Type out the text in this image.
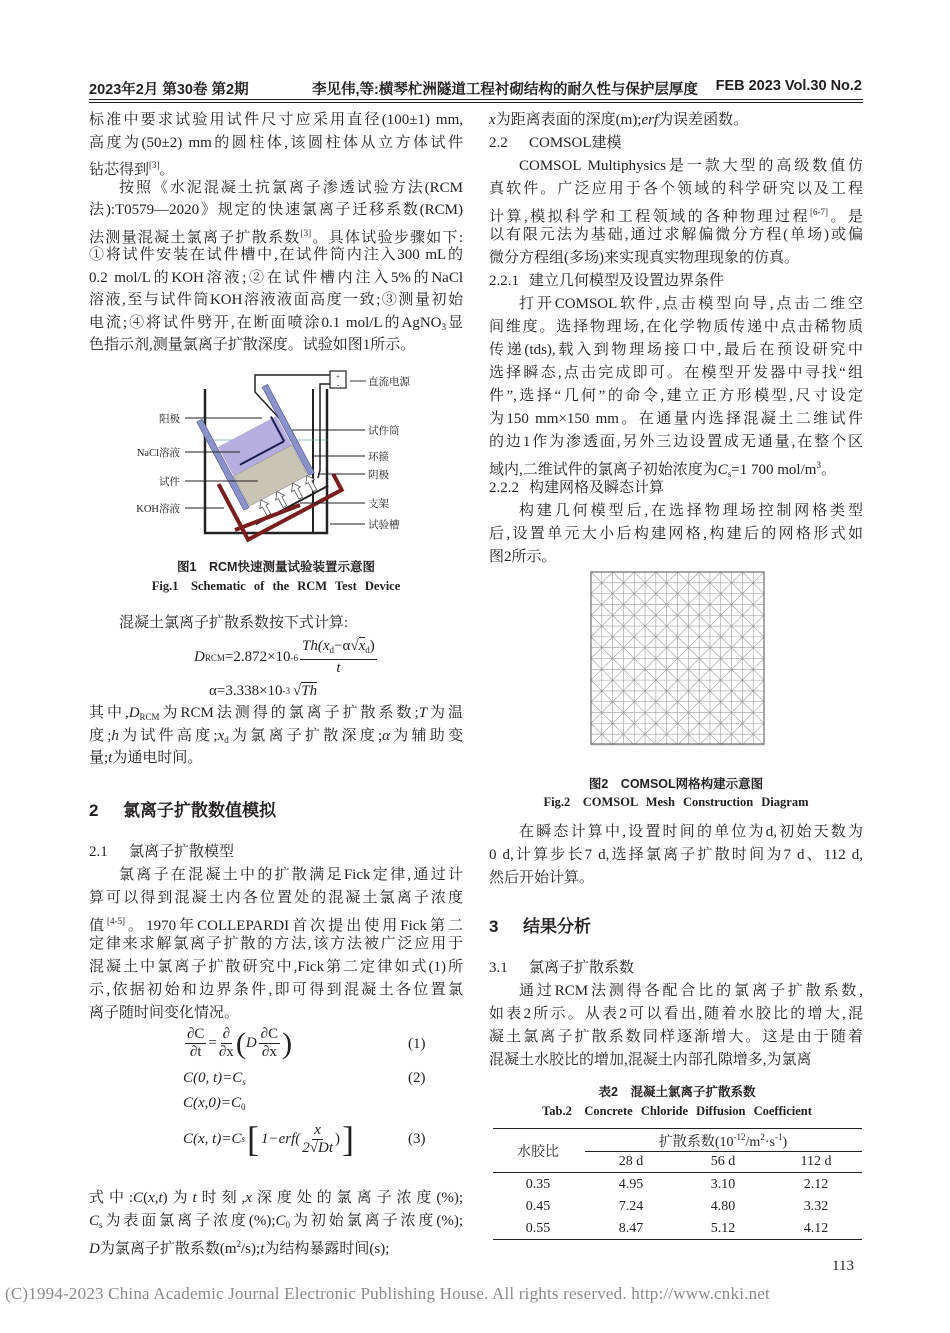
2023年2月 第30卷 第2期	李见伟,等:横琴杧洲隧道工程衬砌结构的耐久性与保护层厚度 FEB 2023 Vol.30 No.2
标准中要求试验用试件尺寸应采用直径(100±1) mm,
高度为(50±2) mm的圆柱体,该圆柱体从立方体试件
钻芯得到[3]。
按照《水泥混凝土抗氯离子渗透试验方法(RCM
法):T0579—2020》规定的快速氯离子迁移系数(RCM)
法测量混凝土氯离子扩散系数[3]。具体试验步骤如下:
①将试件安装在试件槽中,在试件筒内注入300 mL的
0.2 mol/L的KOH溶液;②在试件槽内注入5%的NaCl
溶液,至与试件筒KOH溶液液面高度一致;③测量初始
电流;④将试件劈开,在断面喷涂0.1 mol/L的AgNO$_3$显
色指示剂,测量氯离子扩散深度。试验如图1所示。
+
-
阳极
NaCl溶液
试件
KOH溶液
直流电源
试件筒
环箍
阴极
支架
试验槽
图1　RCM快速测量试验装置示意图
Fig.1　Schematic of the RCM Test Device
混凝土氯离子扩散系数按下式计算:
D RCM =2.872×10 $-6 \frac{Th(x_d-\alpha√x_d)}{t}$
α=3.338×10 -3 √ Th
其中$,D_{RCM}$为RCM法测得的氯离子扩散系数;T为温
度;h为试件高度$;x_d$为氯离子扩散深度;α为辅助变
量;t为通电时间。
2 氯离子扩散数值模拟
2.1 氯离子扩散模型
氯离子在混凝土中的扩散满足Fick定律,通过计
算可以得到混凝土内各位置处的混凝土氯离子浓度
值[4-5]。1970年COLLEPARDI首次提出使用Fick第二
定律来求解氯离子扩散的方法,该方法被广泛应用于
混凝土中氯离子扩散研究中,Fick第二定律如式(1)所
示,依据初始和边界条件,即可得到混凝土各位置氯
离子随时间变化情况。
$\frac{\partial C}{\partial t} = \frac{\partial}{\partial x}$ ( D $\frac{\partial C}{\partial x}$ )	(1)
C(0, $t)=C_s$	(2)
$C(x,0)=C_0$
C(x, t)=C s [ $1-erf( \frac{x}{2√Dt}$ ) ]	(3)
式中:C(x,t)为t时刻,x深度处的氯离子浓度(%);
$C_s$为表面氯离子浓度$(\%);C_0$为初始氯离子浓度(%);
D为氯离子扩散系数$(m^2/s);t$为结构暴露时间(s);
x为距离表面的深度(m);erf为误差函数。
2.2 COMSOL建模
COMSOL Multiphysics是一款大型的高级数值仿
真软件。广泛应用于各个领域的科学研究以及工程
计算,模拟科学和工程领域的各种物理过程[6-7]。是
以有限元法为基础,通过求解偏微分方程(单场)或偏
微分方程组(多场)来实现真实物理现象的仿真。
2.2.1 建立几何模型及设置边界条件
打开COMSOL软件,点击模型向导,点击二维空
间维度。选择物理场,在化学物质传递中点击稀物质
传递(tds),载入到物理场接口中,最后在预设研究中
选择瞬态,点击完成即可。在模型开发器中寻找“组
件”,选择“几何”的命令,建立正方形模型,尺寸设定
为150 mm×150 mm。在通量内选择混凝土二维试件
的边1作为渗透面,另外三边设置成无通量,在整个区
域内,二维试件的氯离子初始浓度为$C_s=1$ 700 mol/$m^3$。
2.2.2 构建网格及瞬态计算
构建几何模型后,在选择物理场控制网格类型
后,设置单元大小后构建网格,构建后的网格形式如
图2所示。
图2　COMSOL网格构建示意图
Fig.2　COMSOL Mesh Construction Diagram
在瞬态计算中,设置时间的单位为d,初始天数为
0 d,计算步长7 d,选择氯离子扩散时间为7 d、112 d,
然后开始计算。
3 结果分析
3.1 氯离子扩散系数
通过RCM法测得各配合比的氯离子扩散系数,
如表2所示。从表2可以看出,随着水胶比的增大,混
凝土氯离子扩散系数同样逐渐增大。这是由于随着
混凝土水胶比的增加,混凝土内部孔隙增多,为氯离
表2　混凝土氯离子扩散系数
Tab.2　Concrete Chloride Diffusion Coefficient
水胶比
扩散系数$(10^{-12}/m^2\cdot s^{-1})$
28 d	56 d	112 d
0.35	4.95	3.10	2.12
0.45	7.24	4.80	3.32
0.55	8.47	5.12	4.12
113
(C)1994-2023 China Academic Journal Electronic Publishing House. All rights reserved. http://www.cnki.net
